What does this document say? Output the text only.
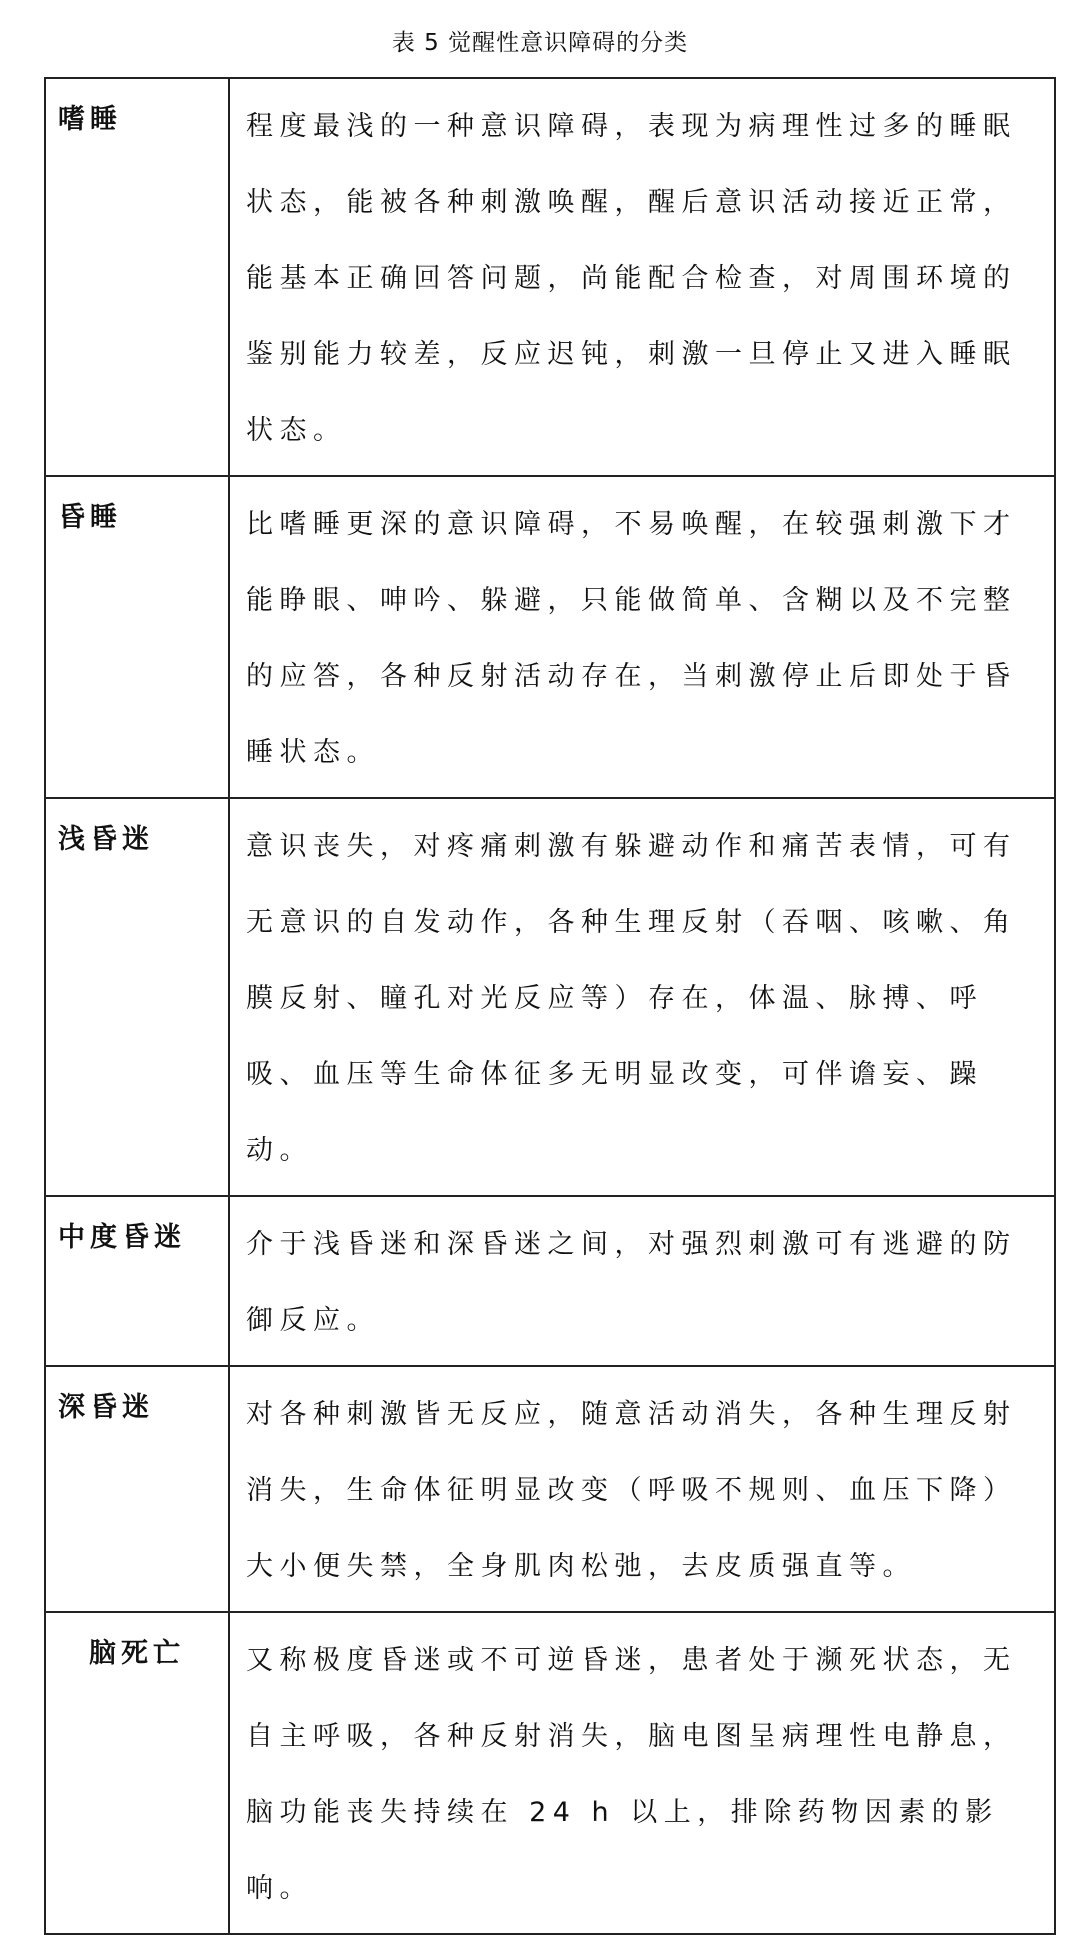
表 5 觉醒性意识障碍的分类
嗜睡	程度最浅的一种意识障碍，表现为病理性过多的睡眠状态，能被各种刺激唤醒，醒后意识活动接近正常，能基本正确回答问题，尚能配合检查，对周围环境的鉴别能力较差，反应迟钝，刺激一旦停止又进入睡眠状态。
昏睡	比嗜睡更深的意识障碍，不易唤醒，在较强刺激下才能睁眼、呻吟、躲避，只能做简单、含糊以及不完整的应答，各种反射活动存在，当刺激停止后即处于昏睡状态。
浅昏迷	意识丧失，对疼痛刺激有躲避动作和痛苦表情，可有无意识的自发动作，各种生理反射（吞咽、咳嗽、角膜反射、瞳孔对光反应等）存在，体温、脉搏、呼吸、血压等生命体征多无明显改变，可伴谵妄、躁动。
中度昏迷	介于浅昏迷和深昏迷之间，对强烈刺激可有逃避的防御反应。
深昏迷	对各种刺激皆无反应，随意活动消失，各种生理反射消失，生命体征明显改变（呼吸不规则、血压下降）大小便失禁，全身肌肉松弛，去皮质强直等。
脑死亡	又称极度昏迷或不可逆昏迷，患者处于濒死状态，无自主呼吸，各种反射消失，脑电图呈病理性电静息，脑功能丧失持续在 24 h 以上，排除药物因素的影响。
